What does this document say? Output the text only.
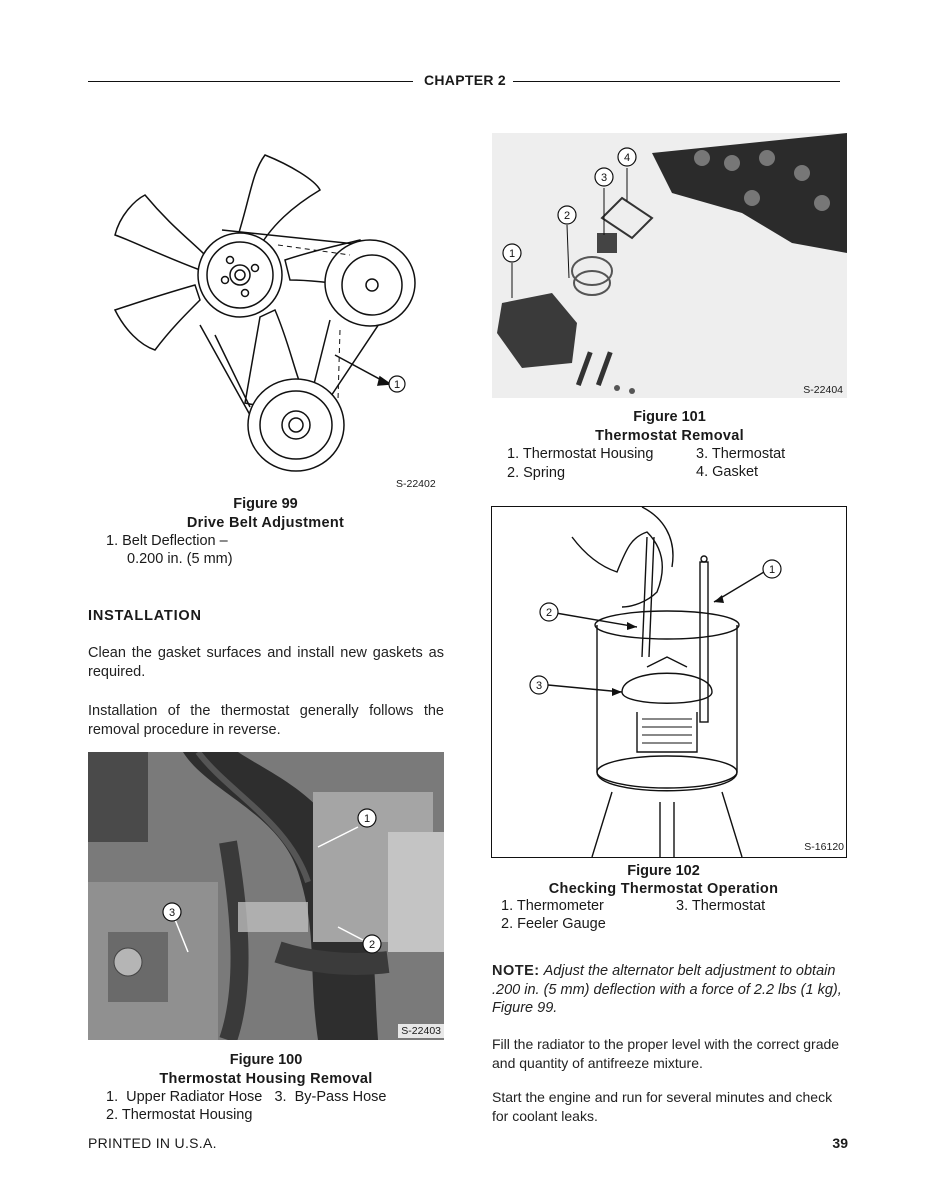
CHAPTER 2
1
S-22402
Figure 99
Drive Belt Adjustment
1. Belt Deflection –
0.200 in. (5 mm)
INSTALLATION
Clean the gasket surfaces and install new gaskets as required.
Installation of the thermostat generally follows the removal procedure in reverse.
1
2
3
S-22403
Figure 100
Thermostat Housing Removal
1.  Upper Radiator Hose   3.  By-Pass Hose
2. Thermostat Housing
1
2
3
4
S-22404
Figure 101
Thermostat Removal
1. Thermostat Housing	3. Thermostat
2. Spring	4. Gasket
1
2
3
S-16120
Figure 102
Checking Thermostat Operation
1. Thermometer	3. Thermostat
2. Feeler Gauge
NOTE: Adjust the alternator belt adjustment to obtain .200 in. (5 mm) deflection with a force of 2.2 lbs (1 kg), Figure 99.
Fill the radiator to the proper level with the correct grade and quantity of antifreeze mixture.
Start the engine and run for several minutes and check for coolant leaks.
PRINTED IN U.S.A.	39
